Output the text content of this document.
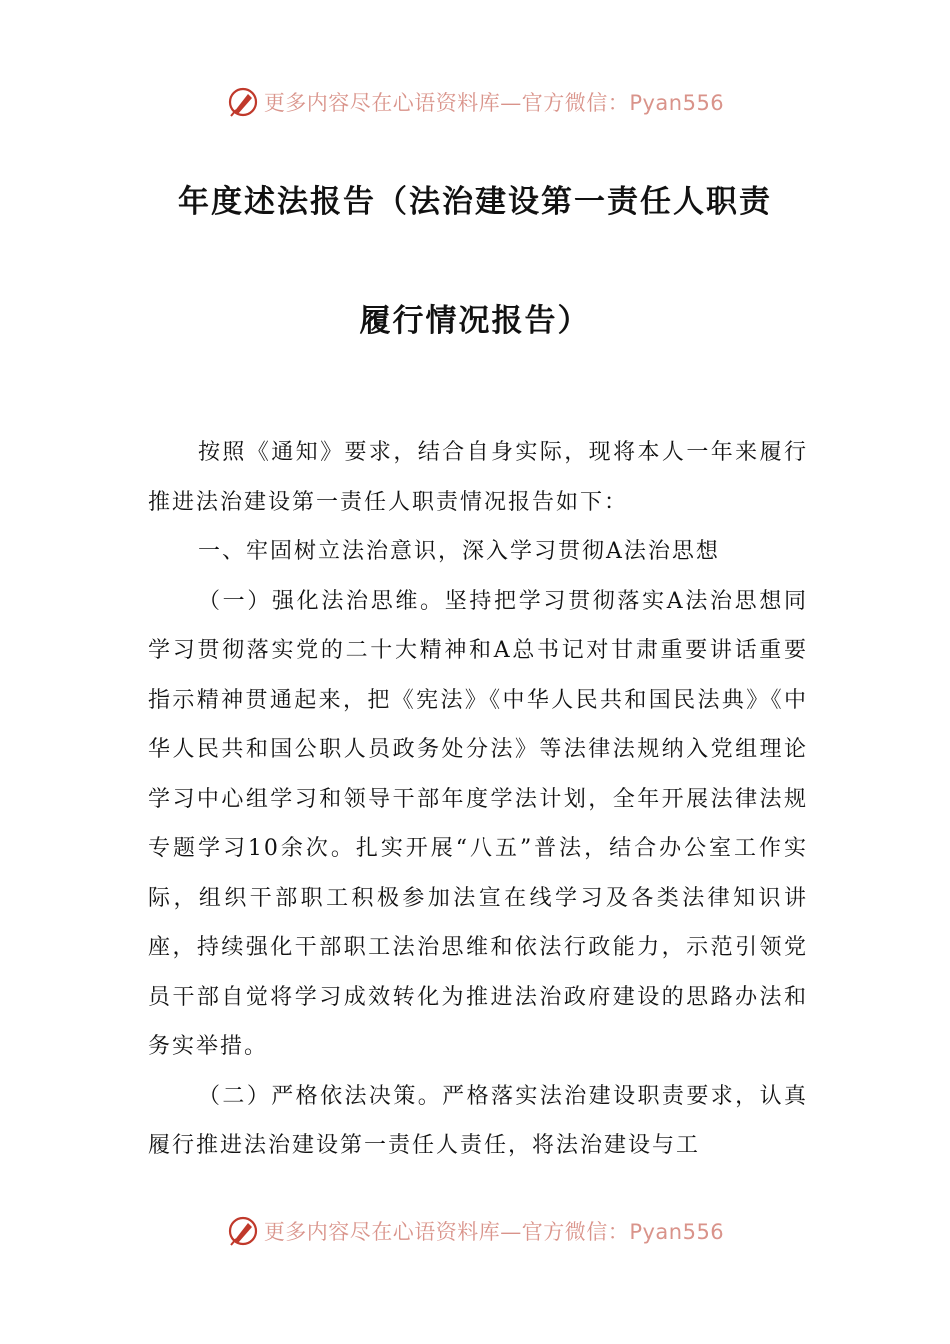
更多内容尽在心语资料库—官方微信：Pyan556
年度述法报告（法治建设第一责任人职责
履行情况报告）

按照《通知》要求，结合自身实际，现将本人一年来履行推进法治建设第一责任人职责情况报告如下：

一、牢固树立法治意识，深入学习贯彻A法治思想

（一）强化法治思维。坚持把学习贯彻落实A法治思想同学习贯彻落实党的二十大精神和A总书记对甘肃重要讲话重要指示精神贯通起来，把《宪法》《中华人民共和国民法典》《中华人民共和国公职人员政务处分法》等法律法规纳入党组理论学习中心组学习和领导干部年度学法计划，全年开展法律法规专题学习10余次。扎实开展“八五”普法，结合办公室工作实际，组织干部职工积极参加法宣在线学习及各类法律知识讲座，持续强化干部职工法治思维和依法行政能力，示范引领党员干部自觉将学习成效转化为推进法治政府建设的思路办法和务实举措。

（二）严格依法决策。严格落实法治建设职责要求，认真履行推进法治建设第一责任人责任，将法治建设与工

更多内容尽在心语资料库—官方微信：Pyan556
